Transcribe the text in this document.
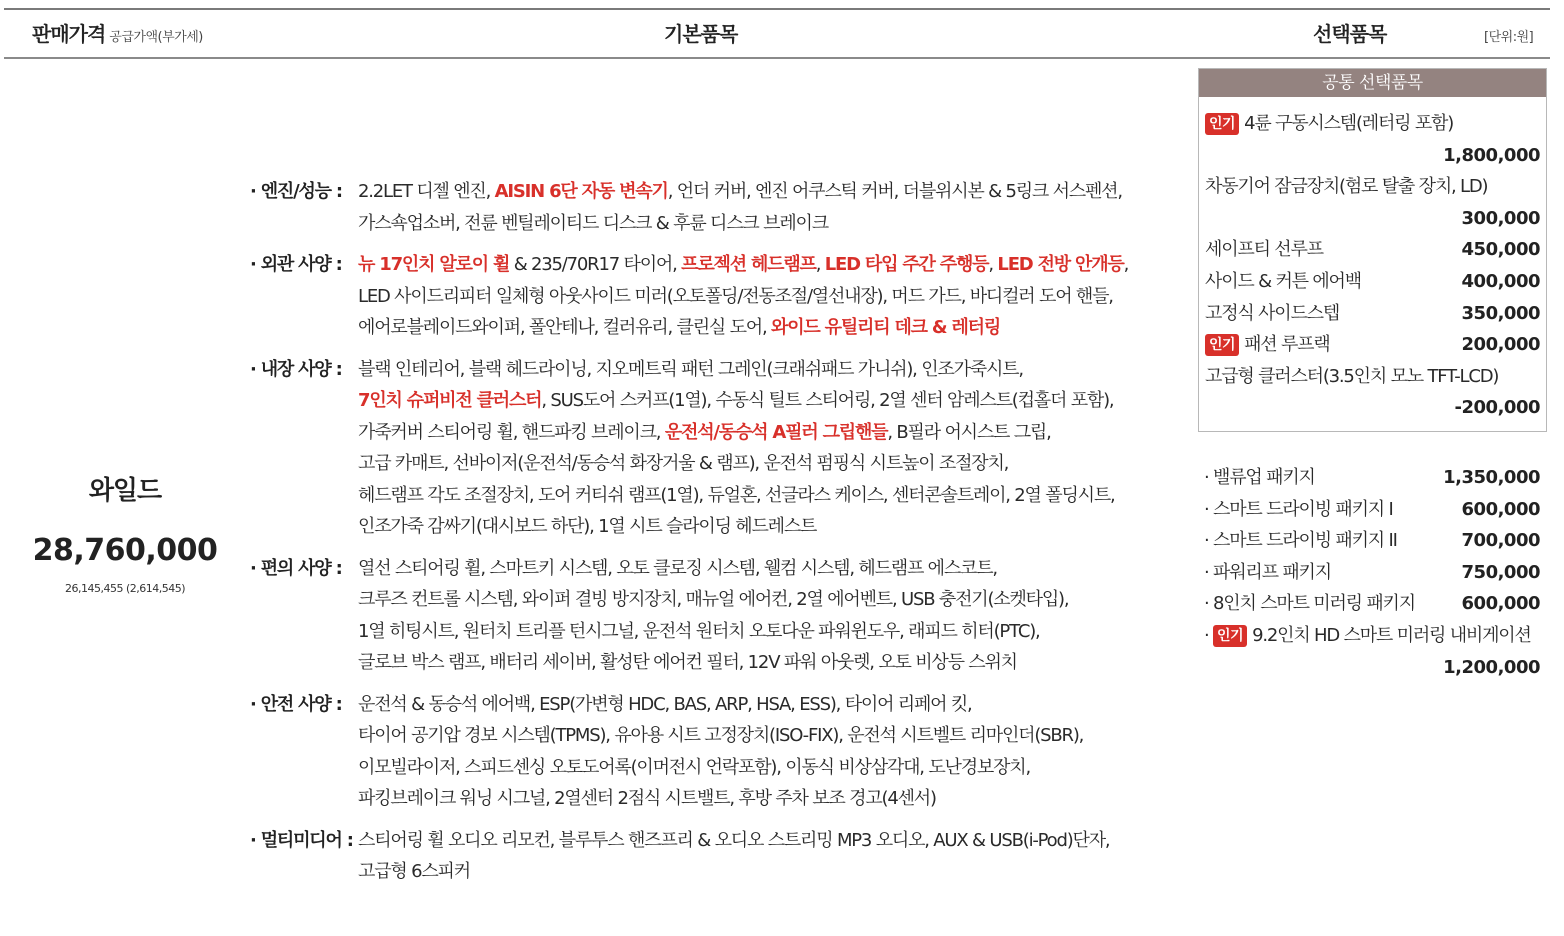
판매가격 공급가액(부가세)	기본품목	선택품목	[단위:원]
와일드
28,760,000
26,145,455 (2,614,545)
· 엔진/성능 : 2.2LET 디젤 엔진, AISIN 6단 자동 변속기, 언더 커버, 엔진 어쿠스틱 커버, 더블위시본 & 5링크 서스펜션,
가스쇽업소버, 전륜 벤틸레이티드 디스크 & 후륜 디스크 브레이크
· 외관 사양 : 뉴 17인치 알로이 휠 & 235/70R17 타이어, 프로젝션 헤드램프, LED 타입 주간 주행등, LED 전방 안개등,
LED 사이드리피터 일체형 아웃사이드 미러(오토폴딩/전동조절/열선내장), 머드 가드, 바디컬러 도어 핸들,
에어로블레이드와이퍼, 폴안테나, 컬러유리, 클린실 도어, 와이드 유틸리티 데크 & 레터링
· 내장 사양 : 블랙 인테리어, 블랙 헤드라이닝, 지오메트릭 패턴 그레인(크래쉬패드 가니쉬), 인조가죽시트,
7인치 슈퍼비전 클러스터, SUS도어 스커프(1열), 수동식 틸트 스티어링, 2열 센터 암레스트(컵홀더 포함),
가죽커버 스티어링 휠, 핸드파킹 브레이크, 운전석/동승석 A필러 그립핸들, B필라 어시스트 그립,
고급 카매트, 선바이저(운전석/동승석 화장거울 & 램프), 운전석 펌핑식 시트높이 조절장치,
헤드램프 각도 조절장치, 도어 커티쉬 램프(1열), 듀얼혼, 선글라스 케이스, 센터콘솔트레이, 2열 폴딩시트,
인조가죽 감싸기(대시보드 하단), 1열 시트 슬라이딩 헤드레스트
· 편의 사양 : 열선 스티어링 휠, 스마트키 시스템, 오토 클로징 시스템, 웰컴 시스템, 헤드램프 에스코트,
크루즈 컨트롤 시스템, 와이퍼 결빙 방지장치, 매뉴얼 에어컨, 2열 에어벤트, USB 충전기(소켓타입),
1열 히팅시트, 원터치 트리플 턴시그널, 운전석 원터치 오토다운 파워윈도우, 래피드 히터(PTC),
글로브 박스 램프, 배터리 세이버, 활성탄 에어컨 필터, 12V 파워 아웃렛, 오토 비상등 스위치
· 안전 사양 : 운전석 & 동승석 에어백, ESP(가변형 HDC, BAS, ARP, HSA, ESS), 타이어 리페어 킷,
타이어 공기압 경보 시스템(TPMS), 유아용 시트 고정장치(ISO-FIX), 운전석 시트벨트 리마인더(SBR),
이모빌라이저, 스피드센싱 오토도어록(이머전시 언락포함), 이동식 비상삼각대, 도난경보장치,
파킹브레이크 워닝 시그널, 2열센터 2점식 시트밸트, 후방 주차 보조 경고(4센서)
· 멀티미디어 : 스티어링 휠 오디오 리모컨, 블루투스 핸즈프리 & 오디오 스트리밍 MP3 오디오, AUX & USB(i-Pod)단자,
고급형 6스피커
공통 선택품목
인기 4륜 구동시스템(레터링 포함)
1,800,000
차동기어 잠금장치(험로 탈출 장치, LD)
300,000
세이프티 선루프	450,000
사이드 & 커튼 에어백	400,000
고정식 사이드스텝	350,000
인기 패션 루프랙	200,000
고급형 클러스터(3.5인치 모노 TFT-LCD)
-200,000
· 밸류업 패키지	1,350,000
· 스마트 드라이빙 패키지 I	600,000
· 스마트 드라이빙 패키지 II	700,000
· 파워리프 패키지	750,000
· 8인치 스마트 미러링 패키지	600,000
· 인기 9.2인치 HD 스마트 미러링 내비게이션
1,200,000
